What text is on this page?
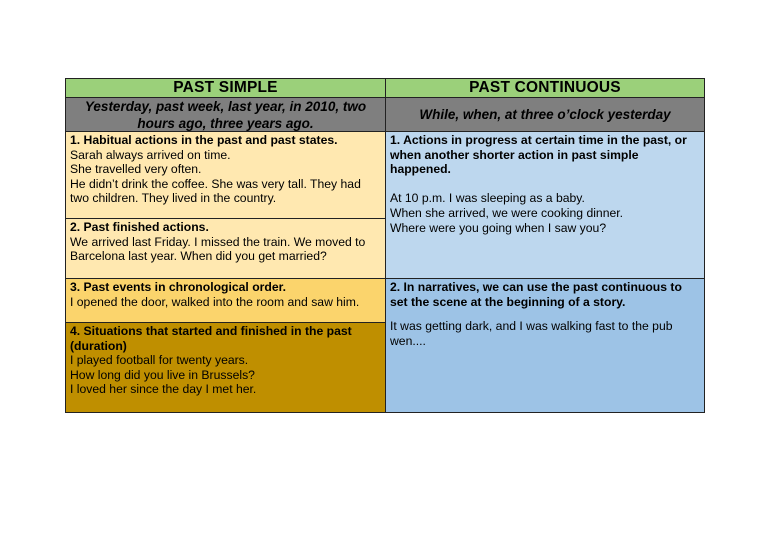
PAST SIMPLE	PAST CONTINUOUS
Yesterday, past week, last year, in 2010, two hours ago, three years ago.
While, when, at three o’clock yesterday

1. Habitual actions in the past and past states.

Sarah always arrived on time.

She travelled very often.

He didn’t drink the coffee. She was very tall. They had two children. They lived in the country.

2. Past finished actions.

We arrived last Friday. I missed the train. We moved to Barcelona last year. When did you get married?

3. Past events in chronological order.

I opened the door, walked into the room and saw him.

4. Situations that started and finished in the past (duration)

I played football for twenty years.

How long did you live in Brussels?

I loved her since the day I met her.

1. Actions in progress at certain time in the past, or when another shorter action in past simple happened.

At 10 p.m. I was sleeping as a baby.

When she arrived, we were cooking dinner.

Where were you going when I saw you?

2. In narratives, we can use the past continuous to set the scene at the beginning of a story.

It was getting dark, and I was walking fast to the pub wen....
